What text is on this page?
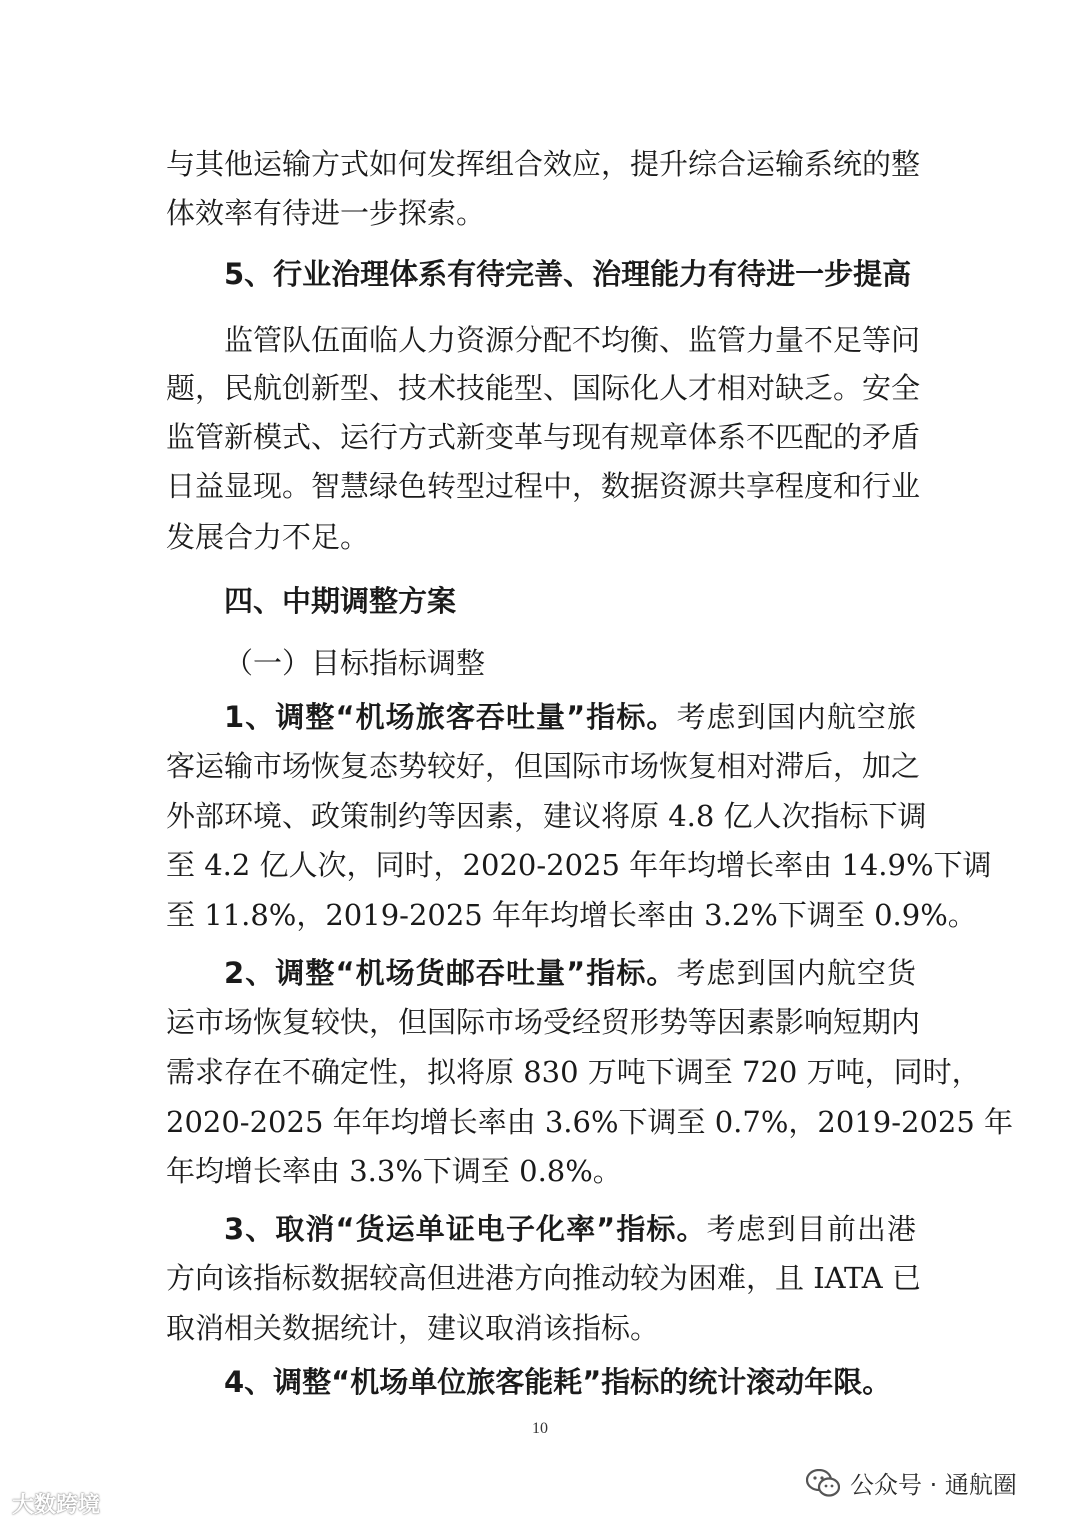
与其他运输方式如何发挥组合效应，提升综合运输系统的整
体效率有待进一步探索。
5、行业治理体系有待完善、治理能力有待进一步提高
监管队伍面临人力资源分配不均衡、监管力量不足等问
题，民航创新型、技术技能型、国际化人才相对缺乏。安全
监管新模式、运行方式新变革与现有规章体系不匹配的矛盾
日益显现。智慧绿色转型过程中，数据资源共享程度和行业
发展合力不足。
四、中期调整方案
（一）目标指标调整
1、调整“机场旅客吞吐量”指标。考虑到国内航空旅
客运输市场恢复态势较好，但国际市场恢复相对滞后，加之
外部环境、政策制约等因素，建议将原 4.8 亿人次指标下调
至 4.2 亿人次，同时，2020-2025 年年均增长率由 14.9%下调
至 11.8%，2019-2025 年年均增长率由 3.2%下调至 0.9%。
2、调整“机场货邮吞吐量”指标。考虑到国内航空货
运市场恢复较快，但国际市场受经贸形势等因素影响短期内
需求存在不确定性，拟将原 830 万吨下调至 720 万吨，同时，
2020-2025 年年均增长率由 3.6%下调至 0.7%，2019-2025 年
年均增长率由 3.3%下调至 0.8%。
3、取消“货运单证电子化率”指标。考虑到目前出港
方向该指标数据较高但进港方向推动较为困难，且 IATA 已
取消相关数据统计，建议取消该指标。
4、调整“机场单位旅客能耗”指标的统计滚动年限。
10
大数跨境
公众号 · 通航圈
